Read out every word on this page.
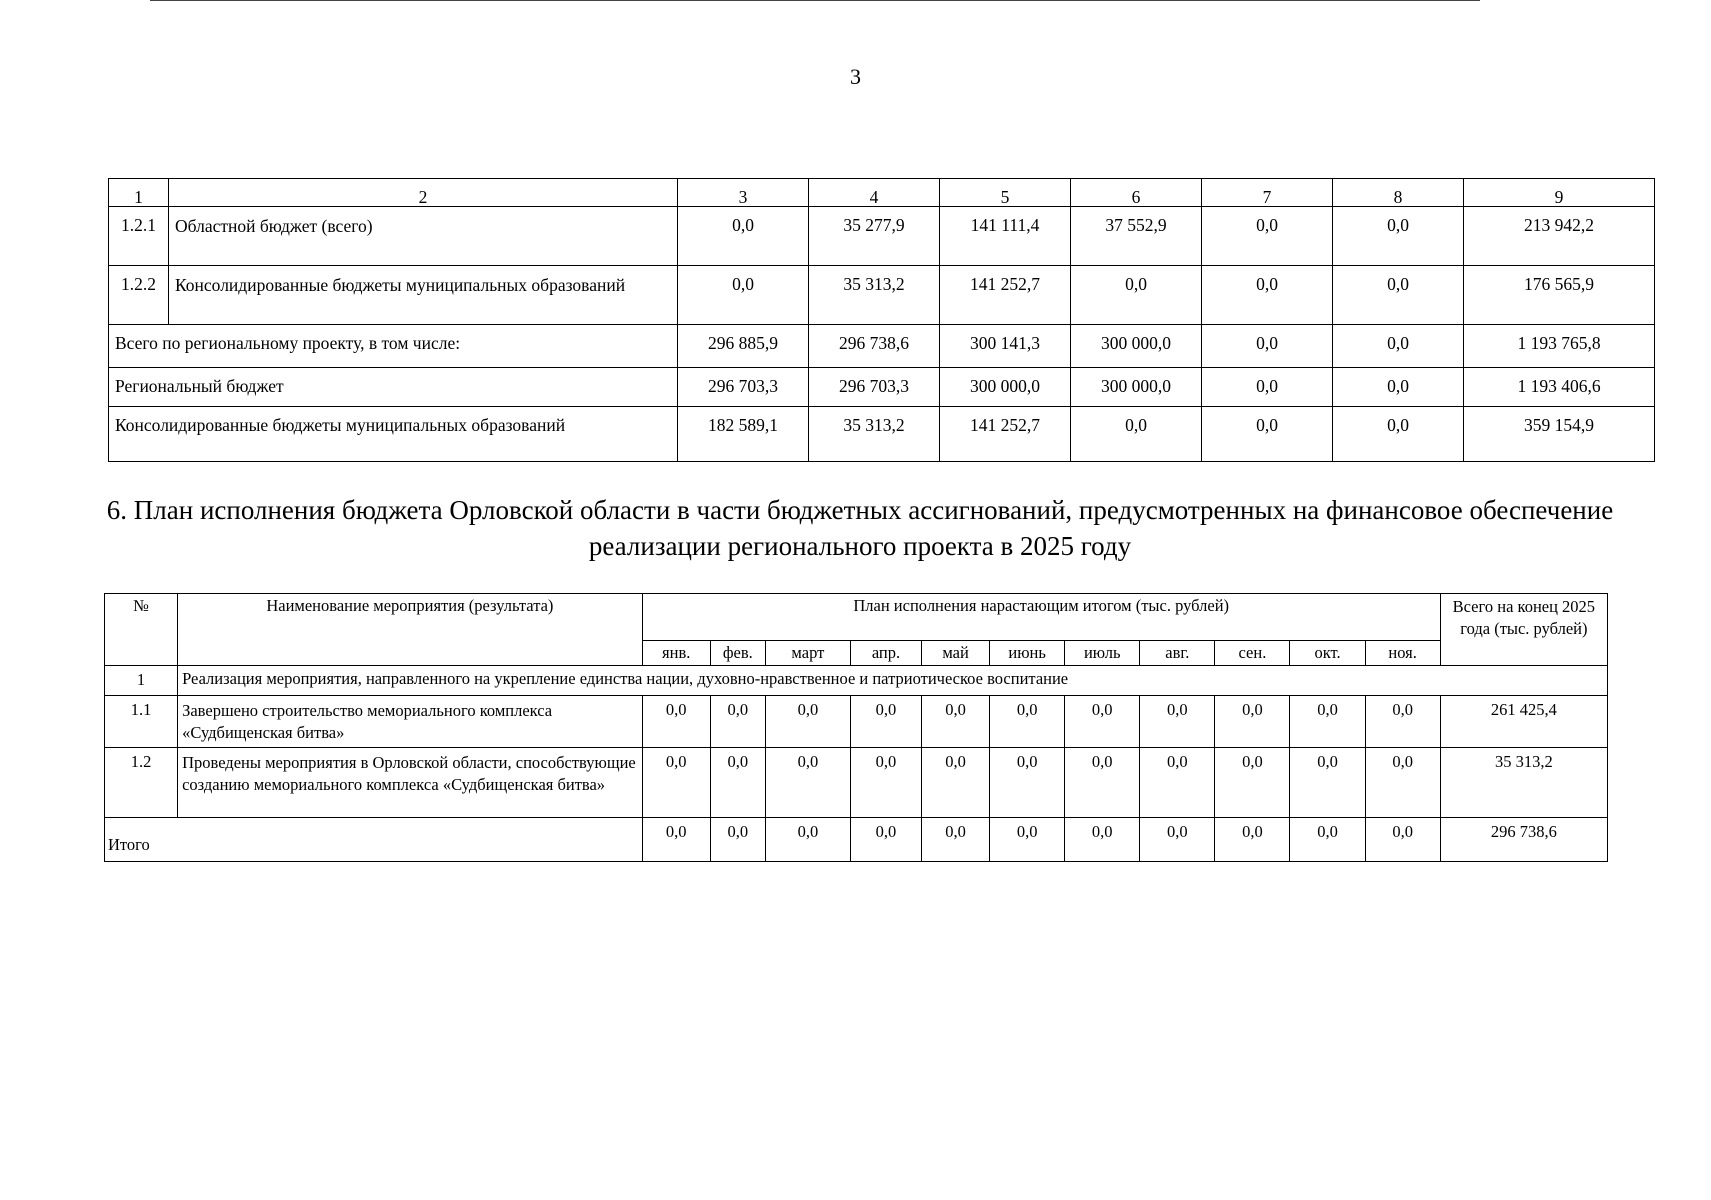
3
1	2	3	4	5	6	7	8	9
1.2.1	Областной бюджет (всего)	0,0	35 277,9	141 111,4	37 552,9	0,0	0,0	213 942,2
1.2.2	Консолидированные бюджеты муниципальных образований	0,0	35 313,2	141 252,7	0,0	0,0	0,0	176 565,9
Всего по региональному проекту, в том числе:		296 885,9	296 738,6	300 141,3	300 000,0	0,0	0,0	1 193 765,8
Региональный бюджет		296 703,3	296 703,3	300 000,0	300 000,0	0,0	0,0	1 193 406,6
Консолидированные бюджеты муниципальных образований		182 589,1	35 313,2	141 252,7	0,0	0,0	0,0	359 154,9
6. План исполнения бюджета Орловской области в части бюджетных ассигнований, предусмотренных на финансовое обеспечение реализации регионального проекта в 2025 году
№	Наименование мероприятия (результата)	План исполнения нарастающим итогом (тыс. рублей)											Всего на конец 2025 года (тыс. рублей)
		янв.	фев.	март	апр.	май	июнь	июль	авг.	сен.	окт.	ноя.	
1	Реализация мероприятия, направленного на укрепление единства нации, духовно-нравственное и патриотическое воспитание												
1.1	Завершено строительство мемориального комплекса «Судбищенская битва»	0,0	0,0	0,0	0,0	0,0	0,0	0,0	0,0	0,0	0,0	0,0	261 425,4
1.2	Проведены мероприятия в Орловской области, способствующие созданию мемориального комплекса «Судбищенская битва»	0,0	0,0	0,0	0,0	0,0	0,0	0,0	0,0	0,0	0,0	0,0	35 313,2
Итого		0,0	0,0	0,0	0,0	0,0	0,0	0,0	0,0	0,0	0,0	0,0	296 738,6
